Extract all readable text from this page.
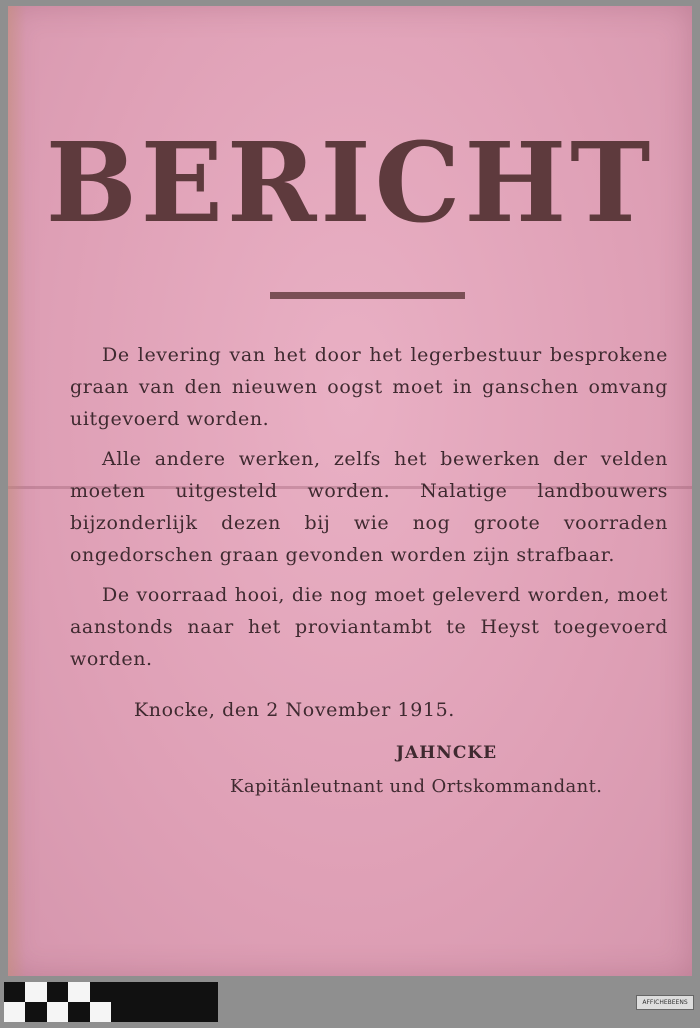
BERICHT

De levering van het door het legerbestuur besprokene graan van den nieuwen oogst moet in ganschen omvang uitgevoerd worden.

Alle andere werken, zelfs het bewerken der velden moeten uitgesteld worden. Nalatige landbouwers bijzonderlijk dezen bij wie nog groote voorraden ongedorschen graan gevonden worden zijn strafbaar.

De voorraad hooi, die nog moet geleverd worden, moet aanstonds naar het proviantambt te Heyst toegevoerd worden.

Knocke, den 2 November 1915.
JAHNCKE
Kapitänleutnant und Ortskommandant.
AFFICHEBEENS
